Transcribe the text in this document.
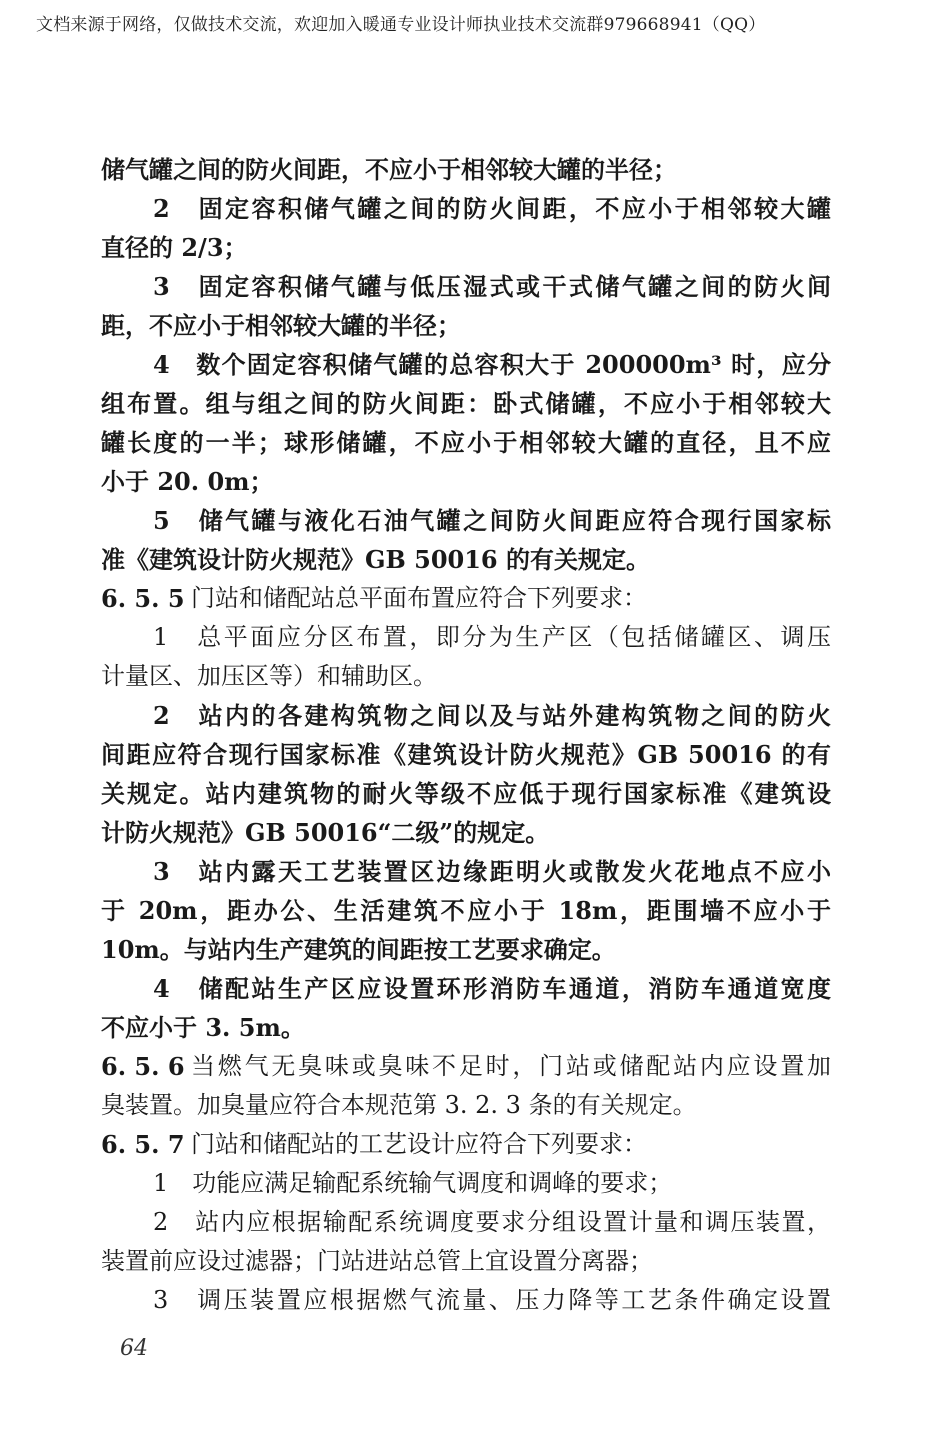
文档来源于网络，仅做技术交流，欢迎加入暖通专业设计师执业技术交流群979668941（QQ）
储气罐之间的防火间距，不应小于相邻较大罐的半径；
2　固定容积储气罐之间的防火间距，不应小于相邻较大罐
直径的 2/3；
3　固定容积储气罐与低压湿式或干式储气罐之间的防火间
距，不应小于相邻较大罐的半径；
4　数个固定容积储气罐的总容积大于 200000m³ 时，应分
组布置。组与组之间的防火间距：卧式储罐，不应小于相邻较大
罐长度的一半；球形储罐，不应小于相邻较大罐的直径，且不应
小于 20. 0m；
5　储气罐与液化石油气罐之间防火间距应符合现行国家标
准《建筑设计防火规范》GB 50016 的有关规定。
6. 5. 5 门站和储配站总平面布置应符合下列要求：
1　总平面应分区布置，即分为生产区（包括储罐区、调压
计量区、加压区等）和辅助区。
2　站内的各建构筑物之间以及与站外建构筑物之间的防火
间距应符合现行国家标准《建筑设计防火规范》GB 50016 的有
关规定。站内建筑物的耐火等级不应低于现行国家标准《建筑设
计防火规范》GB 50016“二级”的规定。
3　站内露天工艺装置区边缘距明火或散发火花地点不应小
于 20m，距办公、生活建筑不应小于 18m，距围墙不应小于
10m。与站内生产建筑的间距按工艺要求确定。
4　储配站生产区应设置环形消防车通道，消防车通道宽度
不应小于 3. 5m。
6. 5. 6 当燃气无臭味或臭味不足时，门站或储配站内应设置加
臭装置。加臭量应符合本规范第 3. 2. 3 条的有关规定。
6. 5. 7 门站和储配站的工艺设计应符合下列要求：
1　功能应满足输配系统输气调度和调峰的要求；
2　站内应根据输配系统调度要求分组设置计量和调压装置，
装置前应设过滤器；门站进站总管上宜设置分离器；
3　调压装置应根据燃气流量、压力降等工艺条件确定设置
64
